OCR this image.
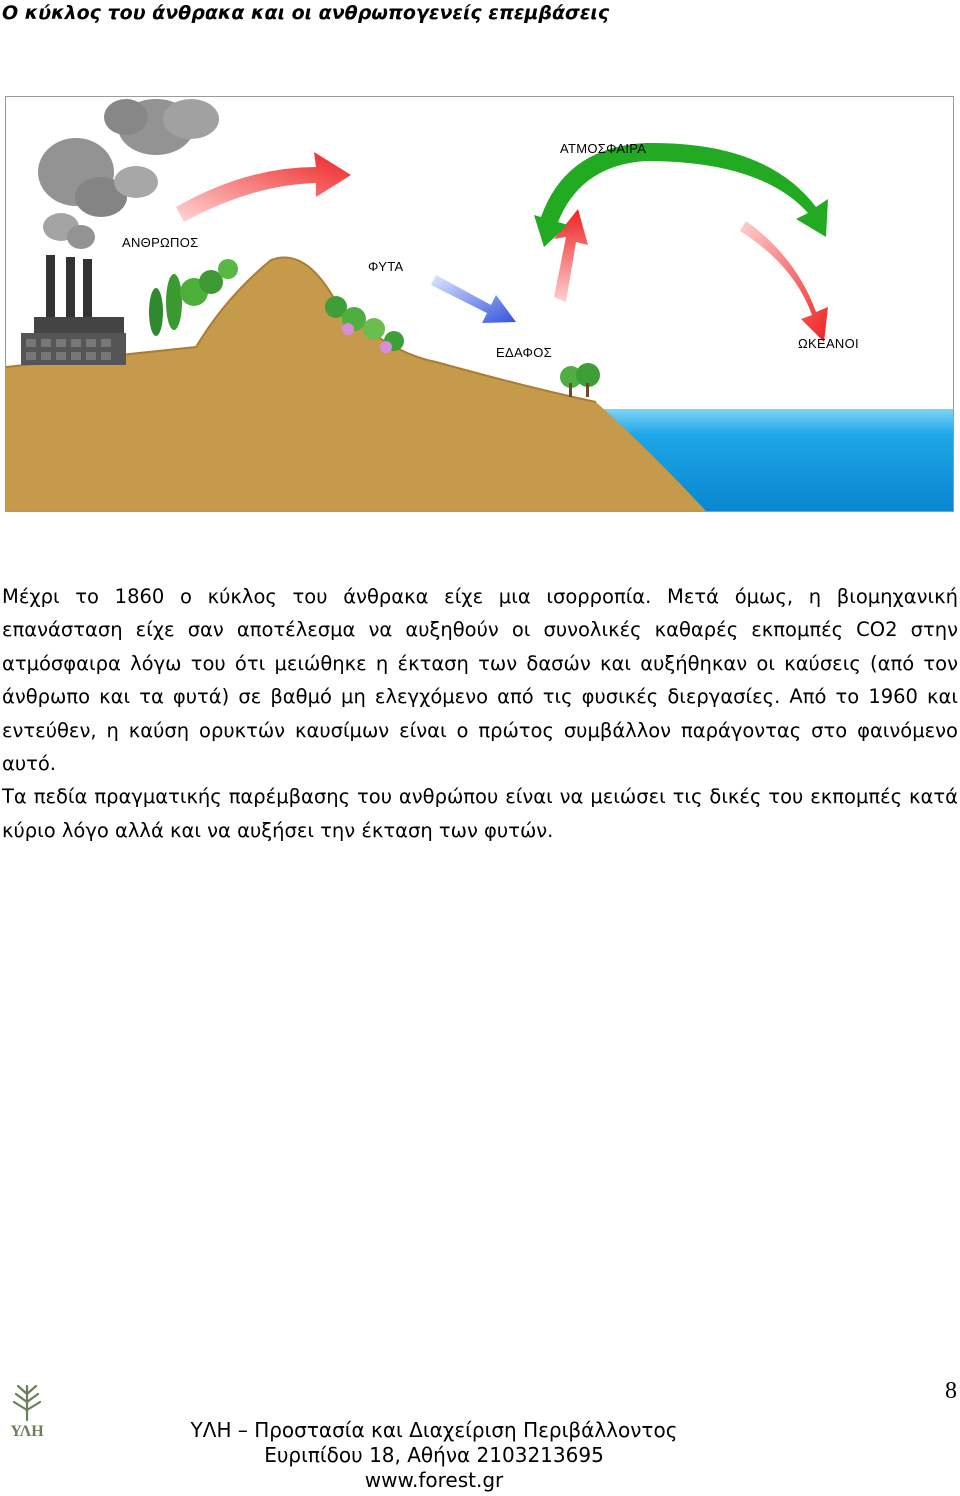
Ο κύκλος του άνθρακα και οι ανθρωπογενείς επεμβάσεις
ΑΝΘΡΩΠΟΣ
ΑΤΜΟΣΦΑΙΡΑ
ΦΥΤΑ
ΕΔΑΦΟΣ
ΩΚΕΑΝΟΙ

Μέχρι το 1860 ο κύκλος του άνθρακα είχε μια ισορροπία. Μετά όμως, η βιομηχανική επανάσταση είχε σαν αποτέλεσμα να αυξηθούν οι συνολικές καθαρές εκπομπές CO2 στην ατμόσφαιρα λόγω του ότι μειώθηκε η έκταση των δασών και αυξήθηκαν οι καύσεις (από τον άνθρωπο και τα φυτά) σε βαθμό μη ελεγχόμενο από τις φυσικές διεργασίες. Από το 1960 και εντεύθεν, η καύση ορυκτών καυσίμων είναι ο πρώτος συμβάλλον παράγοντας στο φαινόμενο αυτό.

Τα πεδία πραγματικής παρέμβασης του ανθρώπου είναι να μειώσει τις δικές του εκπομπές κατά κύριο λόγο αλλά και να αυξήσει την έκταση των φυτών.

8
ΥΛΗ	ΥΛΗ – Προστασία και Διαχείριση Περιβάλλοντος
Ευριπίδου 18, Αθήνα 2103213695
www.forest.gr
